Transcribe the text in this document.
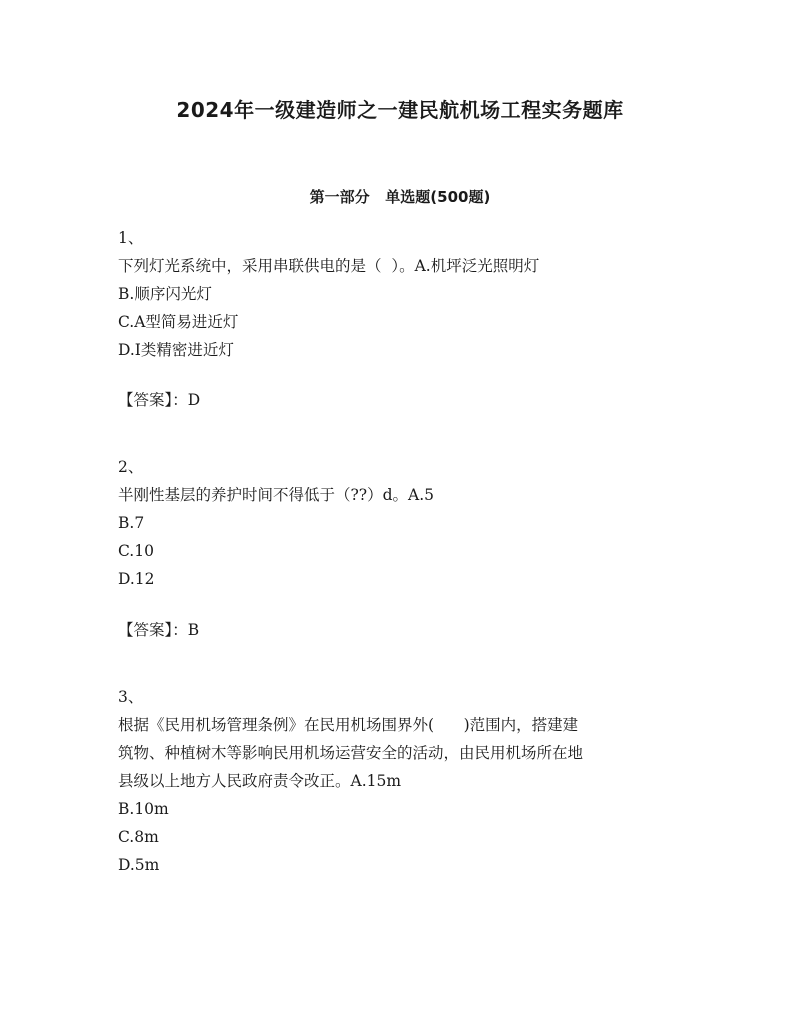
2024年一级建造师之一建民航机场工程实务题库
第一部分   单选题(500题)
1、
下列灯光系统中，采用串联供电的是（  ）。A.机坪泛光照明灯
B.顺序闪光灯
C.A型简易进近灯
D.Ⅰ类精密进近灯
【答案】：D
2、
半刚性基层的养护时间不得低于（??）d。A.5
B.7
C.10
D.12
【答案】：B
3、
根据《民用机场管理条例》在民用机场围界外(      )范围内，搭建建
筑物、种植树木等影响民用机场运营安全的活动，由民用机场所在地
县级以上地方人民政府责令改正。A.15m
B.10m
C.8m
D.5m
